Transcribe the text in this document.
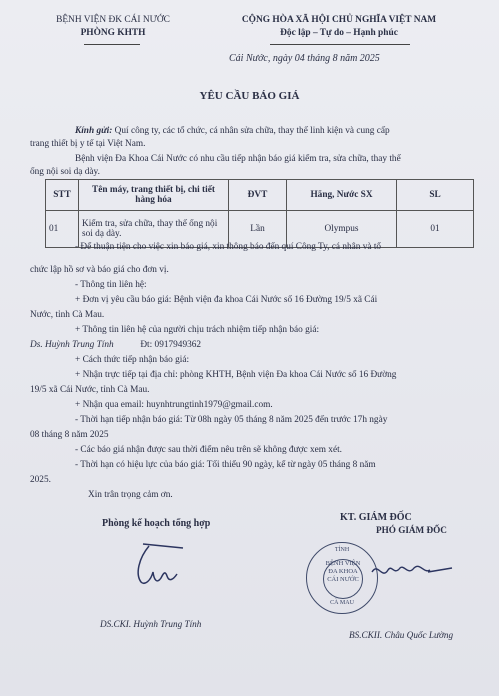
BỆNH VIỆN ĐK CÁI NƯỚC
PHÒNG KHTH
CỘNG HÒA XÃ HỘI CHỦ NGHĨA VIỆT NAM
Độc lập – Tự do – Hạnh phúc
Cái Nước, ngày 04 tháng 8 năm 2025
YÊU CẦU BÁO GIÁ
Kính gửi: Quí công ty, các tổ chức, cá nhân sửa chữa, thay thế linh kiện và cung cấp
trang thiết bị y tế tại Việt Nam.
Bệnh viện Đa Khoa Cái Nước có nhu cầu tiếp nhận báo giá kiểm tra, sửa chữa, thay thế
ống nội soi dạ dày.
STT	Tên máy, trang thiết bị, chi tiết hàng hóa	ĐVT	Hãng, Nước SX	SL
01	Kiểm tra, sửa chữa, thay thế ống nội soi dạ dày.	Lần	Olympus	01
- Để thuận tiện cho việc xin báo giá, xin thông báo đến quí Công Ty, cá nhân và tổ
chức lập hồ sơ và báo giá cho đơn vị.
- Thông tin liên hệ:
+ Đơn vị yêu cầu báo giá: Bệnh viện đa khoa Cái Nước số 16 Đường 19/5 xã Cái
Nước, tỉnh Cà Mau.
+ Thông tin liên hệ của người chịu trách nhiệm tiếp nhận báo giá:
Ds. Huỳnh Trung Tính	Đt: 0917949362
+ Cách thức tiếp nhận báo giá:
+ Nhận trực tiếp tại địa chỉ: phòng KHTH, Bệnh viện Đa khoa Cái Nước số 16 Đường
19/5 xã Cái Nước, tỉnh Cà Mau.
+ Nhận qua email: huynhtrungtinh1979@gmail.com.
- Thời hạn tiếp nhận báo giá: Từ 08h ngày 05 tháng 8 năm 2025 đến trước 17h ngày
08 tháng 8 năm 2025
- Các báo giá nhận được sau thời điểm nêu trên sẽ không được xem xét.
- Thời hạn có hiệu lực của báo giá: Tối thiểu 90 ngày, kể từ ngày 05 tháng 8 năm
2025.
Xin trân trọng cảm ơn.
Phòng kế hoạch tổng hợp
DS.CKI. Huỳnh Trung Tính
KT. GIÁM ĐỐC
PHÓ GIÁM ĐỐC
TỈNH
BỆNH VIỆN ĐA KHOA CÁI NƯỚC
CÀ MAU
BS.CKII. Châu Quốc Lường
